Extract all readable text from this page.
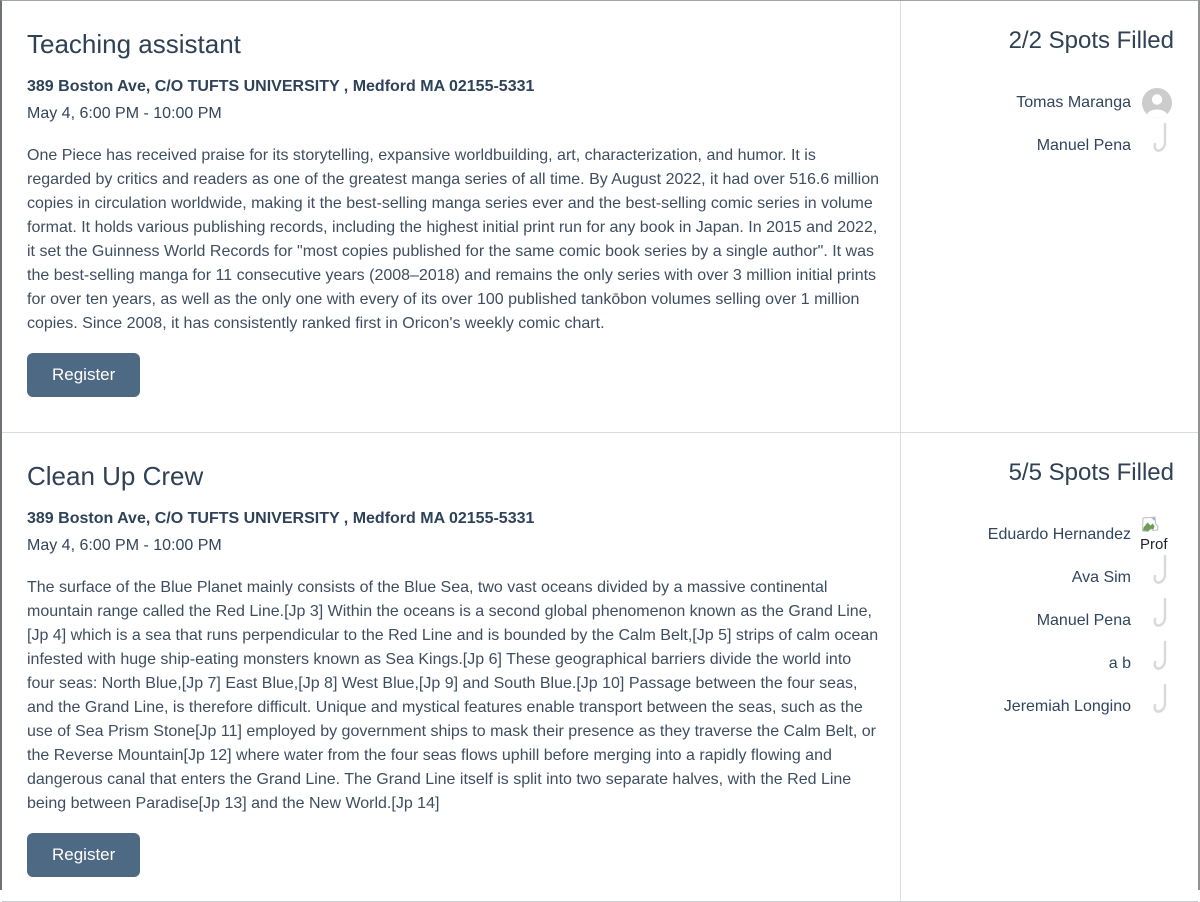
Teaching assistant
389 Boston Ave, C/O TUFTS UNIVERSITY , Medford MA 02155-5331
May 4, 6:00 PM - 10:00 PM

One Piece has received praise for its storytelling, expansive worldbuilding, art, characterization, and humor. It is regarded by critics and readers as one of the greatest manga series of all time. By August 2022, it had over 516.6 million copies in circulation worldwide, making it the best-selling manga series ever and the best-selling comic series in volume format. It holds various publishing records, including the highest initial print run for any book in Japan. In 2015 and 2022, it set the Guinness World Records for "most copies published for the same comic book series by a single author". It was the best-selling manga for 11 consecutive years (2008–2018) and remains the only series with over 3 million initial prints for over ten years, as well as the only one with every of its over 100 published tankōbon volumes selling over 1 million copies. Since 2008, it has consistently ranked first in Oricon's weekly comic chart.

Register
2/2 Spots Filled
Tomas Maranga
Manuel Pena
Clean Up Crew
389 Boston Ave, C/O TUFTS UNIVERSITY , Medford MA 02155-5331
May 4, 6:00 PM - 10:00 PM

The surface of the Blue Planet mainly consists of the Blue Sea, two vast oceans divided by a massive continental mountain range called the Red Line.[Jp 3] Within the oceans is a second global phenomenon known as the Grand Line,[Jp 4] which is a sea that runs perpendicular to the Red Line and is bounded by the Calm Belt,[Jp 5] strips of calm ocean infested with huge ship-eating monsters known as Sea Kings.[Jp 6] These geographical barriers divide the world into four seas: North Blue,[Jp 7] East Blue,[Jp 8] West Blue,[Jp 9] and South Blue.[Jp 10] Passage between the four seas, and the Grand Line, is therefore difficult. Unique and mystical features enable transport between the seas, such as the use of Sea Prism Stone[Jp 11] employed by government ships to mask their presence as they traverse the Calm Belt, or the Reverse Mountain[Jp 12] where water from the four seas flows uphill before merging into a rapidly flowing and dangerous canal that enters the Grand Line. The Grand Line itself is split into two separate halves, with the Red Line being between Paradise[Jp 13] and the New World.[Jp 14]

Register
5/5 Spots Filled
Eduardo Hernandez
Prof
Ava Sim
Manuel Pena
a b
Jeremiah Longino
